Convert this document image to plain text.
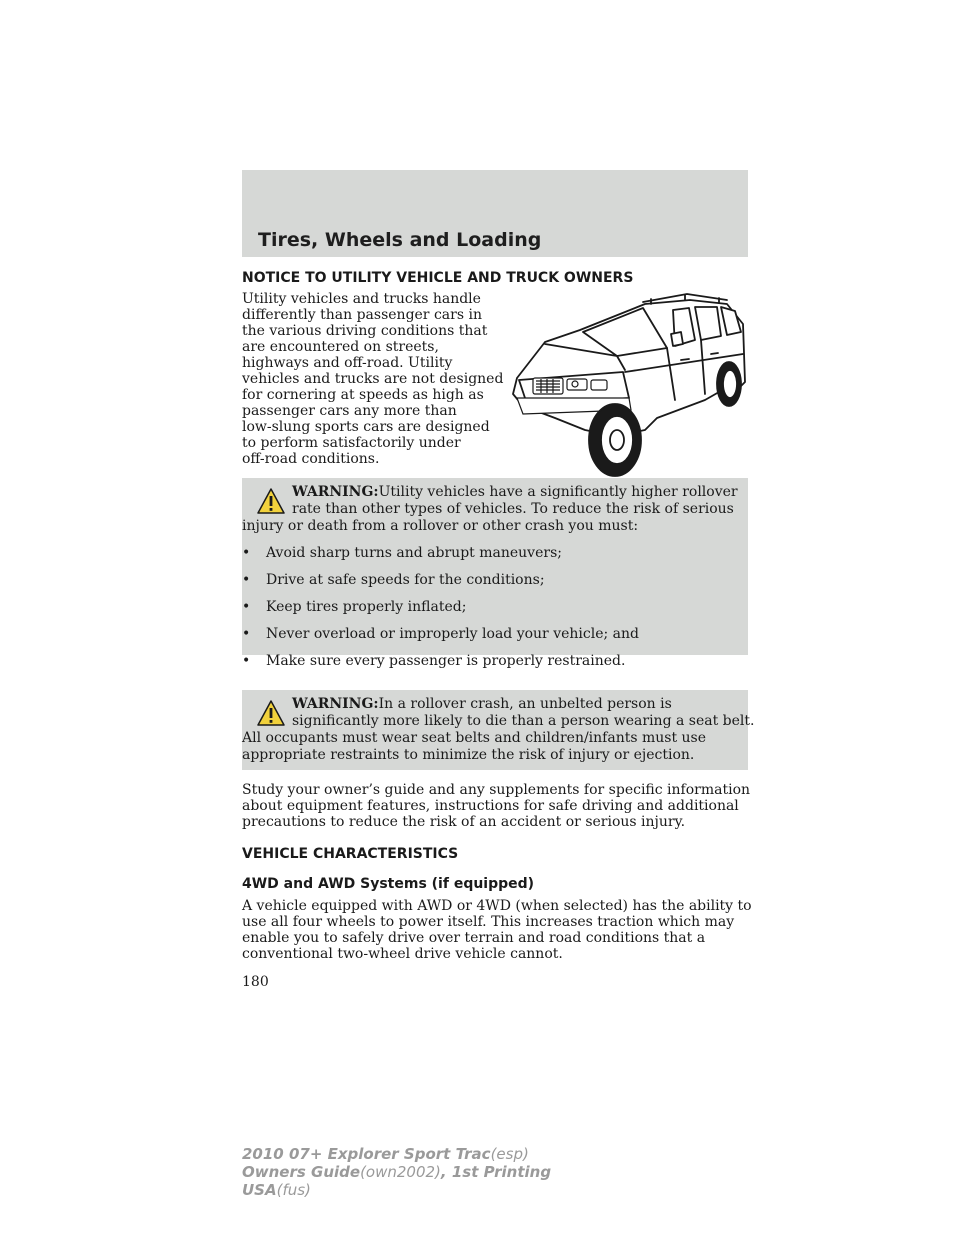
Tires, Wheels and Loading
NOTICE TO UTILITY VEHICLE AND TRUCK OWNERS

Utility vehicles and trucks handle
differently than passenger cars in
the various driving conditions that
are encountered on streets,
highways and off-road. Utility
vehicles and trucks are not designed
for cornering at speeds as high as
passenger cars any more than
low-slung sports cars are designed
to perform satisfactorily under
off-road conditions.

WARNING:Utility vehicles have a significantly higher rollover
rate than other types of vehicles. To reduce the risk of serious
injury or death from a rollover or other crash you must:

• Avoid sharp turns and abrupt maneuvers;
• Drive at safe speeds for the conditions;
• Keep tires properly inflated;
• Never overload or improperly load your vehicle; and
• Make sure every passenger is properly restrained.

WARNING:In a rollover crash, an unbelted person is
significantly more likely to die than a person wearing a seat belt.
All occupants must wear seat belts and children/infants must use
appropriate restraints to minimize the risk of injury or ejection.

Study your owner’s guide and any supplements for specific information
about equipment features, instructions for safe driving and additional
precautions to reduce the risk of an accident or serious injury.

VEHICLE CHARACTERISTICS
4WD and AWD Systems (if equipped)

A vehicle equipped with AWD or 4WD (when selected) has the ability to
use all four wheels to power itself. This increases traction which may
enable you to safely drive over terrain and road conditions that a
conventional two-wheel drive vehicle cannot.

180

2010 07+ Explorer Sport Trac(esp)
Owners Guide(own2002), 1st Printing
USA(fus)
